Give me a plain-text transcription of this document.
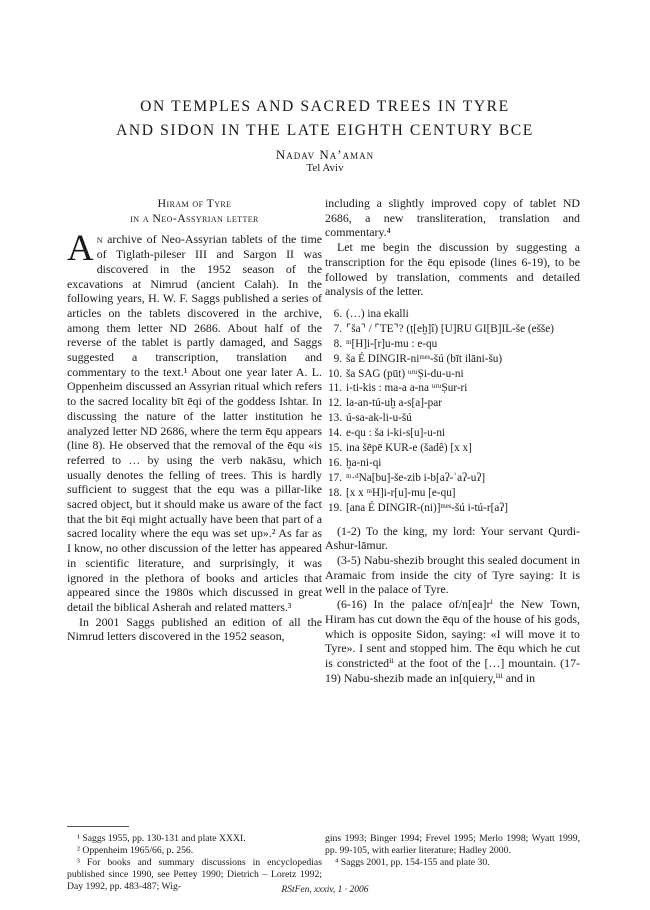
ON TEMPLES AND SACRED TREES IN TYRE
AND SIDON IN THE LATE EIGHTH CENTURY BCE
Nadav Na’aman
Tel Aviv
Hiram of Tyre
in a Neo-Assyrian letter

An archive of Neo-Assyrian tablets of the time of Tiglath-pileser III and Sargon II was discovered in the 1952 season of the excavations at Nimrud (ancient Calah). In the following years, H. W. F. Saggs published a series of articles on the tablets discovered in the archive, among them letter ND 2686. About half of the reverse of the tablet is partly damaged, and Saggs suggested a transcription, translation and commentary to the text.¹ About one year later A. L. Oppenheim discussed an Assyrian ritual which refers to the sacred locality bīt ēqi of the goddess Ishtar. In discussing the nature of the latter institution he analyzed letter ND 2686, where the term ēqu appears (line 8). He observed that the removal of the ēqu «is referred to … by using the verb nakāsu, which usually denotes the felling of trees. This is hardly sufficient to suggest that the equ was a pillar-like sacred object, but it should make us aware of the fact that the bit ēqi might actually have been that part of a sacred locality where the equ was set up».² As far as I know, no other discussion of the letter has appeared in scientific literature, and surprisingly, it was ignored in the plethora of books and articles that appeared since the 1980s which discussed in great detail the biblical Asherah and related matters.³

In 2001 Saggs published an edition of all the Nimrud letters discovered in the 1952 season,

including a slightly improved copy of tablet ND 2686, a new transliteration, translation and commentary.⁴

Let me begin the discussion by suggesting a transcription for the ēqu episode (lines 6-19), to be followed by translation, comments and detailed analysis of the letter.

6. (…) ina ekalli
7. ⌜ša⌝ / ⌜TE⌝? (ṭ[eḫ]î) [U]RU GI[B]IL-še (ešše)
8. ᵐ[H]i-[r]u-mu : e-qu
9. ša É DINGIR-niᵐᵉˢ-šú (bīt ilāni-šu)
10. ša SAG (pūt) ᵘʳᵘṢi-du-u-ni
11. i-ti-kis : ma-a a-na ᵘʳᵘṢur-ri
12. la-an-tú-uḫ a-s[a]-par
13. ú-sa-ak-li-u-šú
14. e-qu : ša i-ki-s[u]-u-ni
15. ina šēpē KUR-e (šadê) [x x]
16. ḫa-ni-qi
17. ᵐ·ᵈNa[bu]-še-zib i-b[aʔ-ʾaʔ-uʔ]
18. [x x ᵐH]i-r[u]-mu [e-qu]
19. [ana É DINGIR-(ni)]ᵐᵉˢ-šú i-tú-r[aʔ]

(1-2) To the king, my lord: Your servant Qurdi-Ashur-lāmur.

(3-5) Nabu-shezib brought this sealed document in Aramaic from inside the city of Tyre saying: It is well in the palace of Tyre.

(6-16) In the palace of/n[ea]rⁱ the New Town, Hiram has cut down the ēqu of the house of his gods, which is opposite Sidon, saying: «I will move it to Tyre». I sent and stopped him. The ēqu which he cut is constrictedⁱⁱ at the foot of the […] mountain. (17-19) Nabu-shezib made an in[quiery,ⁱⁱⁱ and in

¹ Saggs 1955, pp. 130-131 and plate XXXI.

² Oppenheim 1965/66, p. 256.

³ For books and summary discussions in encyclopedias published since 1990, see Pettey 1990; Dietrich – Loretz 1992; Day 1992, pp. 483-487; Wig-

gins 1993; Binger 1994; Frevel 1995; Merlo 1998; Wyatt 1999, pp. 99-105, with earlier literature; Hadley 2000.

⁴ Saggs 2001, pp. 154-155 and plate 30.

RStFen, xxxiv, 1 · 2006
